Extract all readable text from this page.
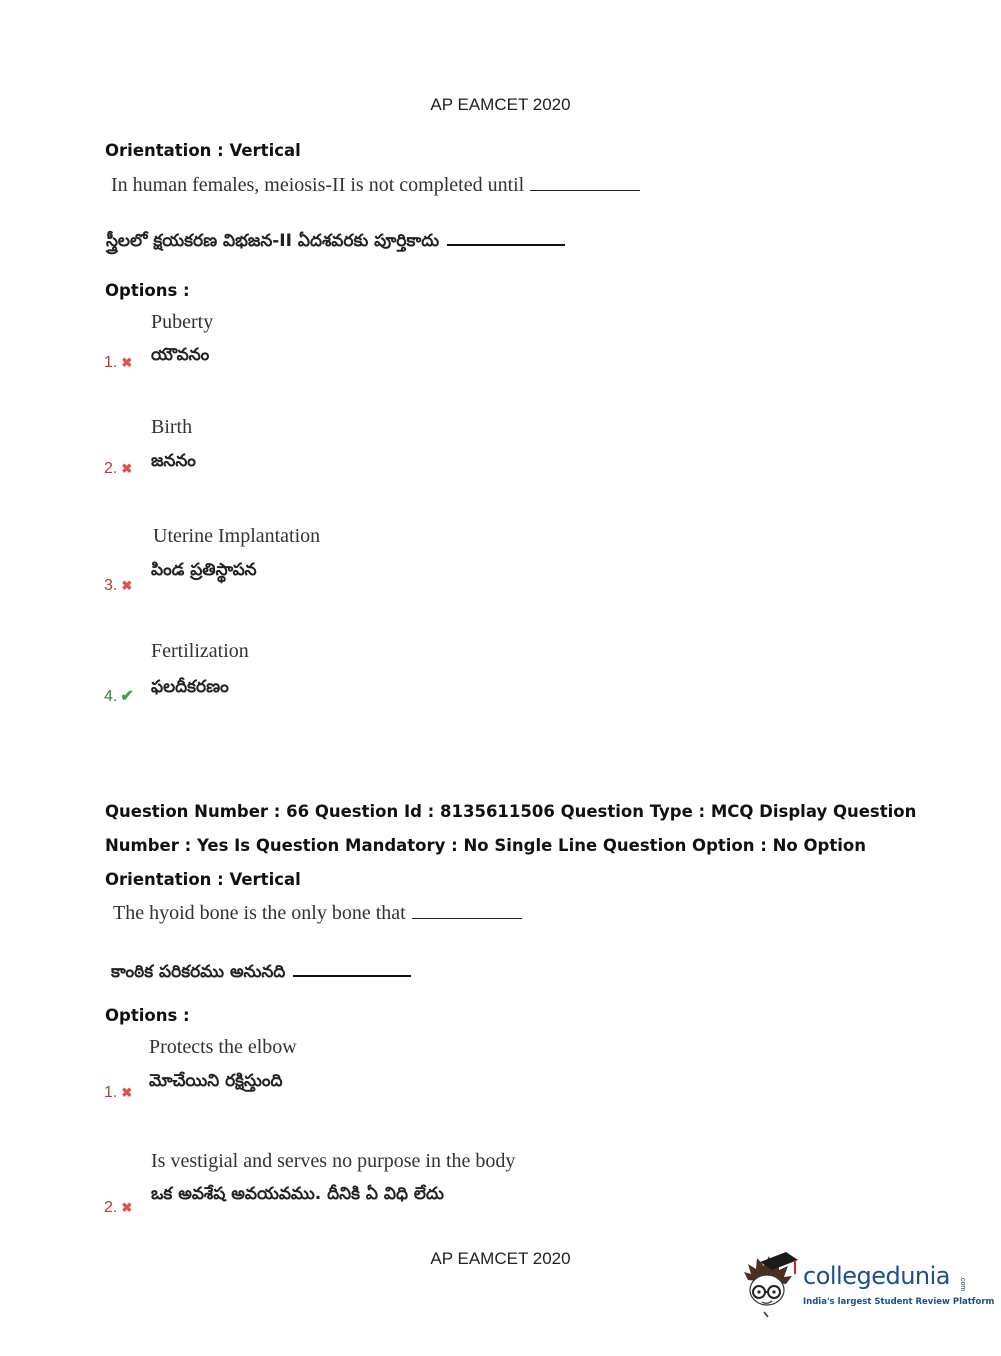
AP EAMCET 2020
Orientation : Vertical
In human females, meiosis-II is not completed until
స్త్రీలలో క్షయకరణ విభజన-II ఏదశవరకు పూర్తికాదు
Options :
Puberty
యౌవనం
1. ✖
Birth
జననం
2. ✖
Uterine Implantation
పిండ ప్రతిస్థాపన
3. ✖
Fertilization
ఫలదీకరణం
4. ✔
Question Number : 66 Question Id : 8135611506 Question Type : MCQ Display Question
Number : Yes Is Question Mandatory : No Single Line Question Option : No Option
Orientation : Vertical
The hyoid bone is the only bone that
కాంఠిక పరికరము అనునది
Options :
Protects the elbow
మోచేయిని రక్షిస్తుంది
1. ✖
Is vestigial and serves no purpose in the body
ఒక అవశేష అవయవము. దీనికి ఏ విధి లేదు
2. ✖
AP EAMCET 2020
collegedunia .com
India's largest Student Review Platform
